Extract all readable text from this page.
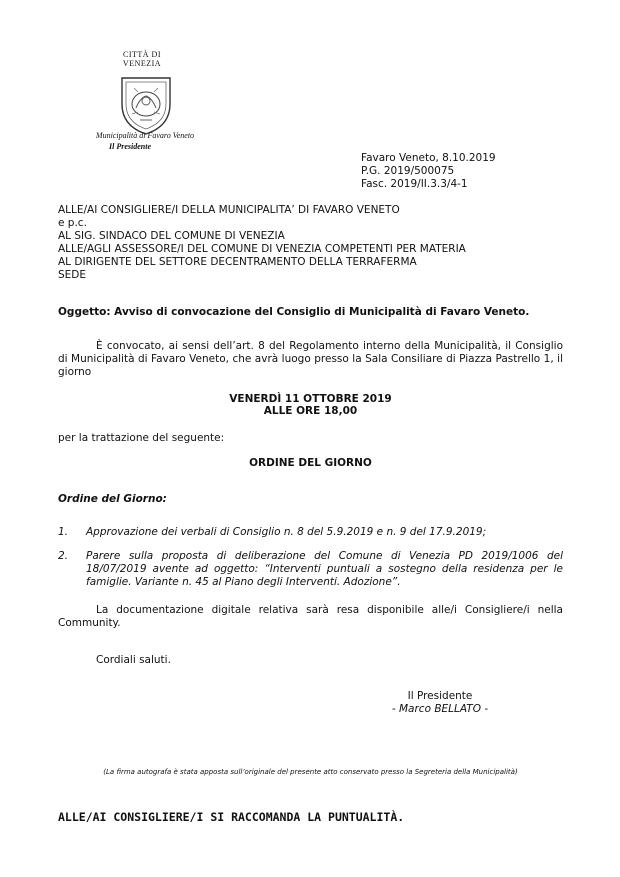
CITTÀ DI VENEZIA
Municipalità di Favaro Veneto
Il Presidente
Favaro Veneto, 8.10.2019
P.G. 2019/500075
Fasc. 2019/II.3.3/4-1
ALLE/AI CONSIGLIERE/I DELLA MUNICIPALITA’ DI FAVARO VENETO
e p.c.
AL SIG. SINDACO DEL COMUNE DI VENEZIA
ALLE/AGLI ASSESSORE/I DEL COMUNE DI VENEZIA COMPETENTI PER MATERIA
AL DIRIGENTE DEL SETTORE DECENTRAMENTO DELLA TERRAFERMA
SEDE
Oggetto: Avviso di convocazione del Consiglio di Municipalità di Favaro Veneto.
È convocato, ai sensi dell’art. 8 del Regolamento interno della Municipalità, il Consiglio di Municipalità di Favaro Veneto, che avrà luogo presso la Sala Consiliare di Piazza Pastrello 1, il giorno
VENERDÌ 11 OTTOBRE 2019
ALLE ORE 18,00
per la trattazione del seguente:
ORDINE DEL GIORNO
Ordine del Giorno:
1.	Approvazione dei verbali di Consiglio n. 8 del 5.9.2019 e n. 9 del 17.9.2019;
2.	Parere sulla proposta di deliberazione del Comune di Venezia PD 2019/1006 del 18/07/2019 avente ad oggetto: “Interventi puntuali a sostegno della residenza per le famiglie. Variante n. 45 al Piano degli Interventi. Adozione”.
La documentazione digitale relativa sarà resa disponibile alle/i Consigliere/i nella Community.
Cordiali saluti.
Il Presidente
- Marco BELLATO -
(La firma autografa è stata apposta sull’originale del presente atto conservato presso la Segreteria della Municipalità)
ALLE/AI CONSIGLIERE/I SI RACCOMANDA LA PUNTUALITÀ.
